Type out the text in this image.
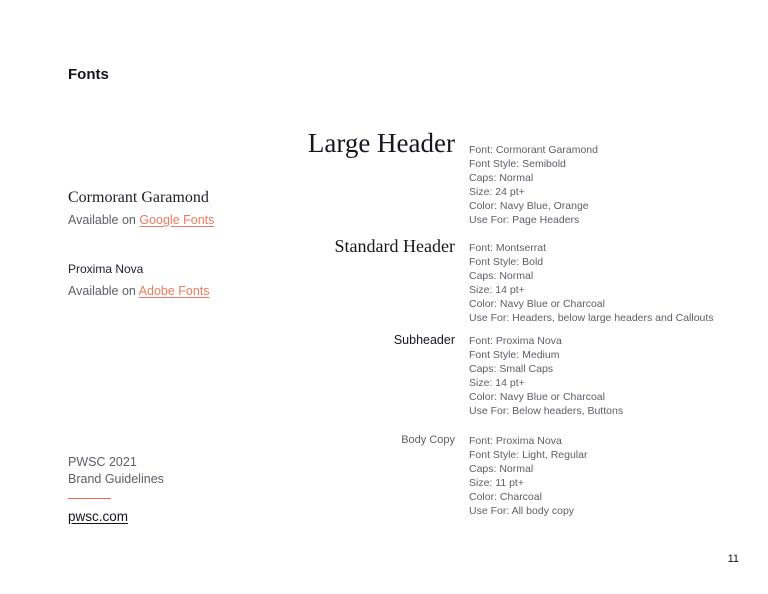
Fonts
Cormorant Garamond
Available on Google Fonts
Proxima Nova
Available on Adobe Fonts
Large Header Font: Cormorant Garamond
Font Style: Semibold
Caps: Normal
Size: 24 pt+
Color: Navy Blue, Orange
Use For: Page Headers
Standard Header Font: Montserrat
Font Style: Bold
Caps: Normal
Size: 14 pt+
Color: Navy Blue or Charcoal
Use For: Headers, below large headers and Callouts
Subheader Font: Proxima Nova
Font Style: Medium
Caps: Small Caps
Size: 14 pt+
Color: Navy Blue or Charcoal
Use For: Below headers, Buttons
Body Copy Font: Proxima Nova
Font Style: Light, Regular
Caps: Normal
Size: 11 pt+
Color: Charcoal
Use For: All body copy
PWSC 2021
Brand Guidelines
pwsc.com
11
